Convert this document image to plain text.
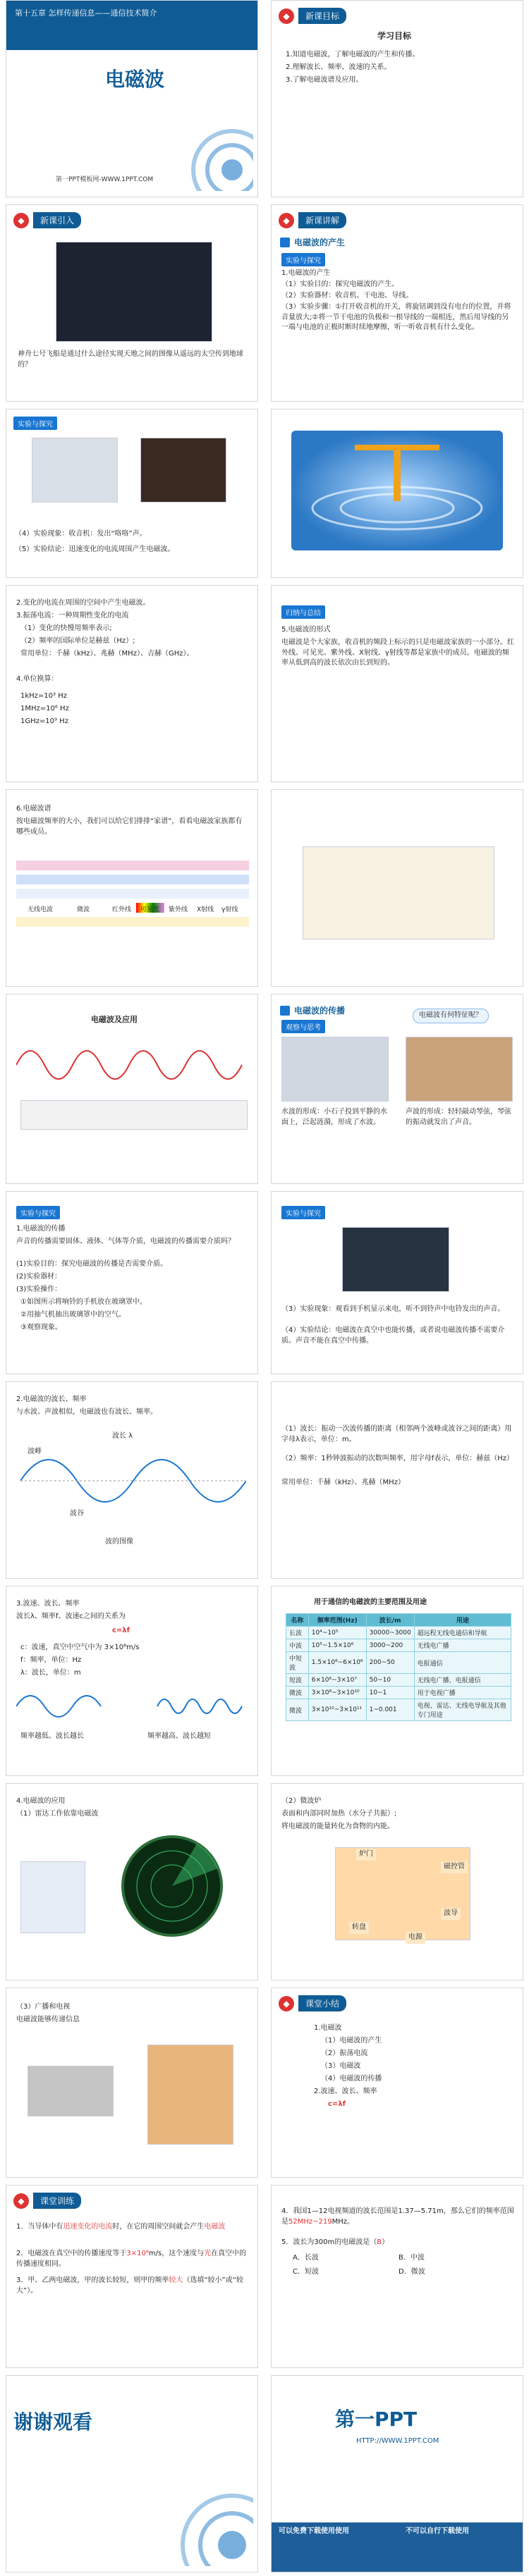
第十五章 怎样传递信息——通信技术简介
电磁波
第一PPT模板网-WWW.1PPT.COM
◆	新课目标
学习目标
1.知道电磁波，了解电磁波的产生和传播。
2.理解波长、频率、波速的关系。
3.了解电磁波谱及应用。
◆	新课引入
神舟七号飞船是通过什么途径实现天地之间的图像从遥远的太空传到地球的？
◆	新课讲解
电磁波的产生
实验与探究
1.电磁波的产生
（1）实验目的：探究电磁波的产生。
（2）实验器材：收音机、干电池、导线。
（3）实验步骤：①打开收音机的开关，将旋钮调到没有电台的位置，并将音量放大;②将一节干电池的负极和一根导线的一端相连，然后用导线的另一端与电池的正极时断时续地摩擦，听一听收音机有什么变化。
实验与探究
（4）实验现象：收音机：发出“咯咯”声。
（5）实验结论：迅速变化的电流周围产生电磁波。
2.变化的电流在周围的空间中产生电磁波。
3.振荡电流：一种周期性变化的电流
（1）变化的快慢用频率表示;
（2）频率的国际单位是赫兹（Hz）;
常用单位：千赫（kHz）、兆赫（MHz）、吉赫（GHz）。
4.单位换算：
1kHz=10³ Hz
1MHz=10⁶ Hz
1GHz=10⁹ Hz
归纳与总结
5.电磁波的形式
电磁波是个大家族，收音机的频段上标示的只是电磁波家族的一小部分。红外线、可见光、紫外线、X射线、γ射线等都是家族中的成员。电磁波的频率从低到高的波长依次由长到短的。
6.电磁波谱
按电磁波频率的大小，我们可以给它们排排“家谱”，看看电磁波家族都有哪些成员。
无线电波	微波	红外线 可见光 紫外线 X射线 γ射线
电磁波及应用
电磁波的传播
观察与思考
电磁波有何特征呢？
水波的形成：小石子投到平静的水面上，泛起涟漪，形成了水波。
声波的形成：轻轻敲动琴弦，琴弦的振动就发出了声音。
实验与探究
1.电磁波的传播
声音的传播需要固体、液体、气体等介质，电磁波的传播需要介质吗？
(1)实验目的：探究电磁波的传播是否需要介质。
(2)实验器材：
(3)实验操作：
①如图所示将响铃的手机放在玻璃罩中。
②用抽气机抽出玻璃罩中的空气。
③观察现象。
实验与探究
（3）实验现象：观看到手机显示来电，听不到铃声中电铃发出的声音。
（4）实验结论：电磁波在真空中也能传播，或者说电磁波传播不需要介质。声音不能在真空中传播。
2.电磁波的波长、频率
与水波、声波相似，电磁波也有波长、频率。
波峰
波谷
波长 λ
波的图像
（1）波长：振动一次波传播的距离（相邻两个波峰或波谷之间的距离）用字母λ表示，单位：m。
（2）频率：1秒钟波振动的次数叫频率，用字母f表示，单位：赫兹（Hz）
常用单位：千赫（kHz）、兆赫（MHz）
3.波速、波长、频率
波长λ、频率f、波速c之间的关系为
c=λf
c：波速，真空中空气中为 3×10⁸m/s
f：频率，单位：Hz
λ：波长，单位：m
频率越低、波长越长	频率越高、波长越短
用于通信的电磁波的主要范围及用途
名称	频率范围(Hz)	波长/m	用途
长波	10⁴~10⁵	30000~3000	超远程无线电通信和导航
中波	10⁵~1.5×10⁶	3000~200	无线电广播
中短波	1.5×10⁶~6×10⁶	200~50	电报通信
短波	6×10⁶~3×10⁷	50~10	无线电广播、电报通信
微波	3×10⁸~3×10¹⁰	10~1	用于电视广播
微波	3×10¹⁰~3×10¹¹	1~0.001	电视、雷达、无线电导航及其他专门用途
4.电磁波的应用
（1）雷达工作依靠电磁波
（2）微波炉
表面和内部同时加热（水分子共振）;
将电磁波的能量转化为食物的内能。
炉门
磁控管
转盘
电源
波导
（3）广播和电视
电磁波能够传递信息
◆	课堂小结
1.电磁波
（1）电磁波的产生
（2）振荡电流
（3）电磁波
（4）电磁波的传播
2.波速、波长、频率
c=λf
◆	课堂训练
1．当导体中有迅速变化的电流时，在它的周围空间就会产生电磁波
2．电磁波在真空中的传播速度等于3×10⁸m/s，这个速度与光在真空中的传播速度相同。
3．甲、乙两电磁波，甲的波长较短，则甲的频率较大（选填“较小”或“较大”）。
4．我国1—12电视频道的波长范围是1.37—5.71m，那么它们的频率范围是52MHz~219MHz。
5．波长为300m的电磁波是（B）
A．长波	B．中波
C．短波	D．微波
谢谢观看	第一PPT
HTTP://WWW.1PPT.COM
可以免费下载使用使用	不可以自行下载使用
